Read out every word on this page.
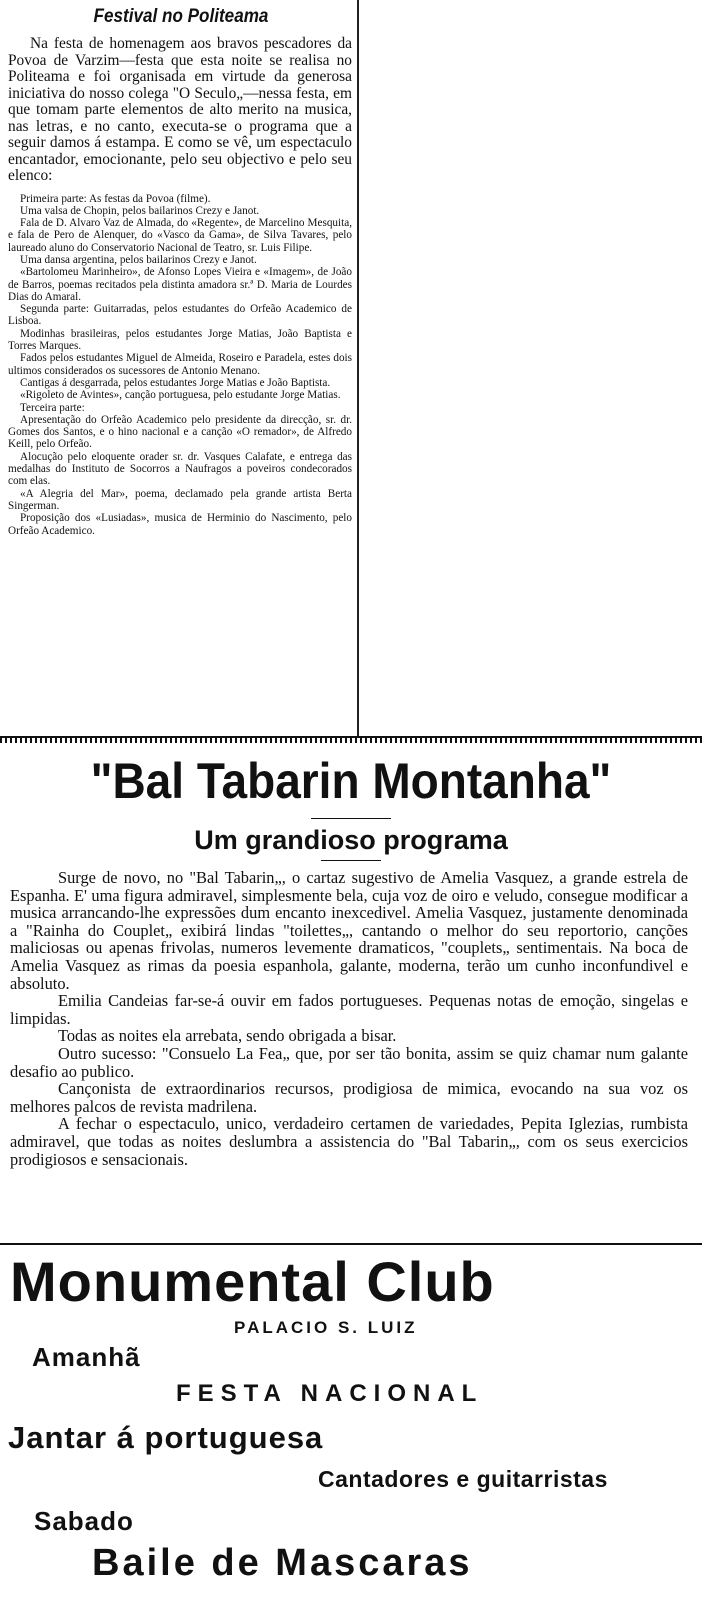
Festival no Politeama

Na festa de homenagem aos bravos pescadores da Povoa de Varzim—festa que esta noite se realisa no Politeama e foi organisada em virtude da generosa iniciativa do nosso colega "O Seculo„—nessa festa, em que tomam parte elementos de alto merito na musica, nas letras, e no canto, executa-se o programa que a seguir damos á estampa. E como se vê, um espectaculo encantador, emocionante, pelo seu objectivo e pelo seu elenco:

Primeira parte: As festas da Povoa (filme).

Uma valsa de Chopin, pelos bailarinos Crezy e Janot.

Fala de D. Alvaro Vaz de Almada, do «Regente», de Marcelino Mesquita, e fala de Pero de Alenquer, do «Vasco da Gama», de Silva Tavares, pelo laureado aluno do Conservatorio Nacional de Teatro, sr. Luis Filipe.

Uma dansa argentina, pelos bailarinos Crezy e Janot.

«Bartolomeu Marinheiro», de Afonso Lopes Vieira e «Imagem», de João de Barros, poemas recitados pela distinta amadora sr.ª D. Maria de Lourdes Dias do Amaral.

Segunda parte: Guitarradas, pelos estudantes do Orfeão Academico de Lisboa.

Modinhas brasileiras, pelos estudantes Jorge Matias, João Baptista e Torres Marques.

Fados pelos estudantes Miguel de Almeida, Roseiro e Paradela, estes dois ultimos considerados os sucessores de Antonio Menano.

Cantigas á desgarrada, pelos estudantes Jorge Matias e João Baptista.

«Rigoleto de Avintes», canção portuguesa, pelo estudante Jorge Matias.

Terceira parte:

Apresentação do Orfeão Academico pelo presidente da direcção, sr. dr. Gomes dos Santos, e o hino nacional e a canção «O remador», de Alfredo Keill, pelo Orfeão.

Alocução pelo eloquente orader sr. dr. Vasques Calafate, e entrega das medalhas do Instituto de Socorros a Naufragos a poveiros condecorados com elas.

«A Alegria del Mar», poema, declamado pela grande artista Berta Singerman.

Proposição dos «Lusiadas», musica de Herminio do Nascimento, pelo Orfeão Academico.

"Bal Tabarin Montanha"
Um grandioso programa

Surge de novo, no "Bal Tabarin„, o cartaz sugestivo de Amelia Vasquez, a grande estrela de Espanha. E' uma figura admiravel, simplesmente bela, cuja voz de oiro e veludo, consegue modificar a musica arrancando-lhe expressões dum encanto inexcedivel. Amelia Vasquez, justamente denominada a "Rainha do Couplet„ exibirá lindas "toilettes„, cantando o melhor do seu reportorio, canções maliciosas ou apenas frivolas, numeros levemente dramaticos, "couplets„ sentimentais. Na boca de Amelia Vasquez as rimas da poesia espanhola, galante, moderna, terão um cunho inconfundivel e absoluto.

Emilia Candeias far-se-á ouvir em fados portugueses. Pequenas notas de emoção, singelas e limpidas.

Todas as noites ela arrebata, sendo obrigada a bisar.

Outro sucesso: "Consuelo La Fea„ que, por ser tão bonita, assim se quiz chamar num galante desafio ao publico.

Cançonista de extraordinarios recursos, prodigiosa de mimica, evocando na sua voz os melhores palcos de revista madrilena.

A fechar o espectaculo, unico, verdadeiro certamen de variedades, Pepita Iglezias, rumbista admiravel, que todas as noites deslumbra a assistencia do "Bal Tabarin„, com os seus exercicios prodigiosos e sensacionais.

Monumental Club
PALACIO S. LUIZ
Amanhã
FESTA NACIONAL
Jantar á portuguesa
Cantadores e guitarristas
Sabado
Baile de Mascaras
